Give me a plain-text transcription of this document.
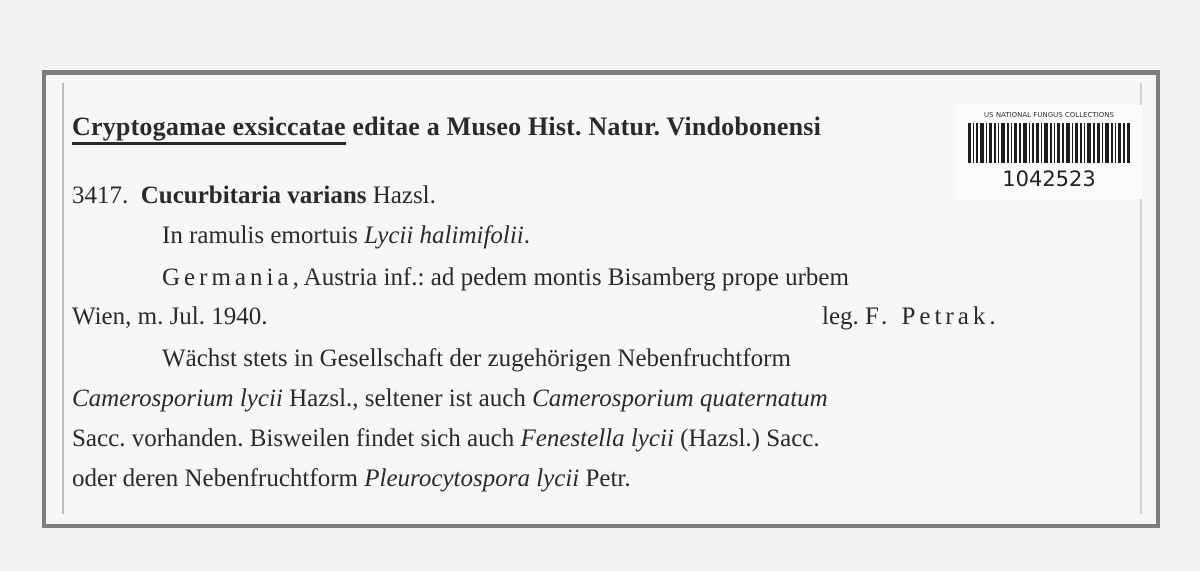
Cryptogamae exsiccatae editae a Museo Hist. Natur. Vindobonensi	US NATIONAL FUNGUS COLLECTIONS
1042523
3417. Cucurbitaria varians Hazsl.
In ramulis emortuis Lycii halimifolii.
Germania, Austria inf.: ad pedem montis Bisamberg prope urbem
Wien, m. Jul. 1940.	leg. F. Petrak.
Wächst stets in Gesellschaft der zugehörigen Nebenfruchtform
Camerosporium lycii Hazsl., seltener ist auch Camerosporium quaternatum
Sacc. vorhanden. Bisweilen findet sich auch Fenestella lycii (Hazsl.) Sacc.
oder deren Nebenfruchtform Pleurocytospora lycii Petr.
